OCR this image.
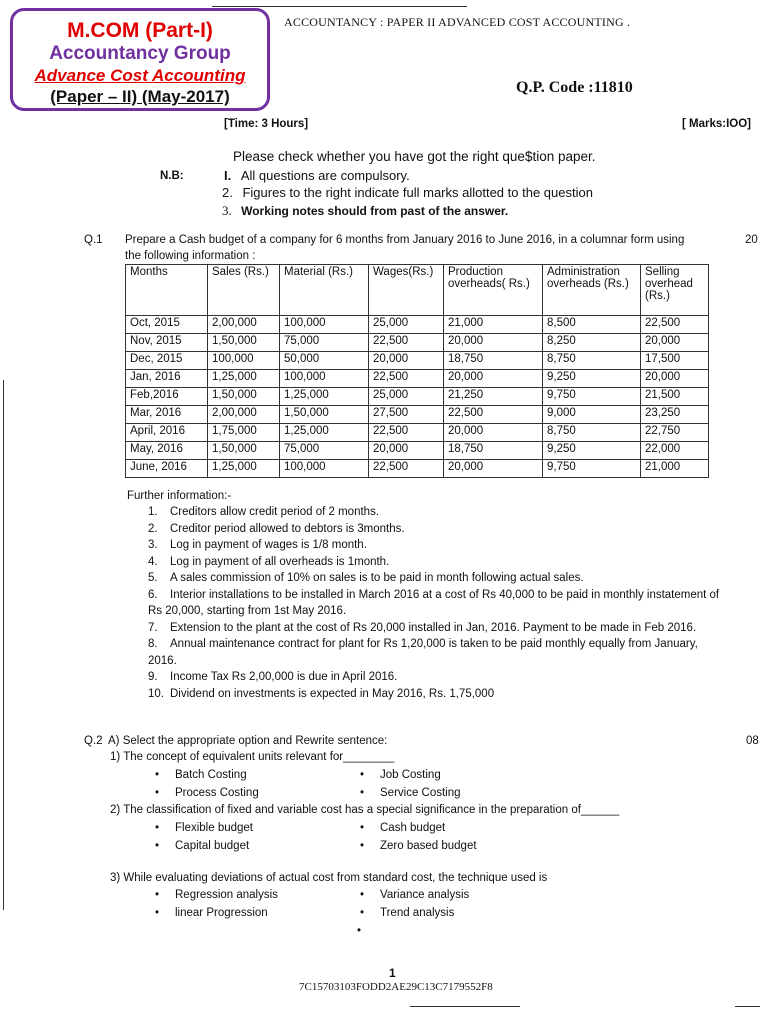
M.COM (Part-I)
Accountancy Group
Advance Cost Accounting
(Paper – II) (May-2017)
ACCOUNTANCY : PAPER II ADVANCED COST ACCOUNTING .
Q.P. Code :11810
[Time: 3 Hours]	[ Marks:IOO]
Please check whether you have got the right que$tion paper.
N.B:	I. All questions are compulsory.
2. Figures to the right indicate full marks allotted to the question
3. Working notes should from past of the answer.
Q.1 Prepare a Cash budget of a company for 6 months from January 2016 to June 2016, in a columnar form using	20
the following information :
Months	Sales (Rs.)	Material (Rs.)	Wages(Rs.)	Production overheads( Rs.)	Administration overheads (Rs.)	Selling overhead (Rs.)
Oct, 2015	2,00,000	100,000	25,000	21,000	8,500	22,500
Nov, 2015	1,50,000	75,000	22,500	20,000	8,250	20,000
Dec, 2015	100,000	50,000	20,000	18,750	8,750	17,500
Jan, 2016	1,25,000	100,000	22,500	20,000	9,250	20,000
Feb,2016	1,50,000	1,25,000	25,000	21,250	9,750	21,500
Mar, 2016	2,00,000	1,50,000	27,500	22,500	9,000	23,250
April, 2016	1,75,000	1,25,000	22,500	20,000	8,750	22,750
May, 2016	1,50,000	75,000	20,000	18,750	9,250	22,000
June, 2016	1,25,000	100,000	22,500	20,000	9,750	21,000
Further information:-
1. Creditors allow credit period of 2 months.
2. Creditor period allowed to debtors is 3months.
3. Log in payment of wages is 1/8 month.
4. Log in payment of all overheads is 1month.
5. A sales commission of 10% on sales is to be paid in month following actual sales.
6. Interior installations to be installed in March 2016 at a cost of Rs 40,000 to be paid in monthly instatement of Rs 20,000, starting from 1st May 2016.
7. Extension to the plant at the cost of Rs 20,000 installed in Jan, 2016. Payment to be made in Feb 2016.
8. Annual maintenance contract for plant for Rs 1,20,000 is taken to be paid monthly equally from January, 2016.
9. Income Tax Rs 2,00,000 is due in April 2016.
10. Dividend on investments is expected in May 2016, Rs. 1,75,000
Q.2 A) Select the appropriate option and Rewrite sentence:	08
1) The concept of equivalent units relevant for________
• Batch Costing	• Job Costing
• Process Costing	• Service Costing
2) The classification of fixed and variable cost has a special significance in the preparation of______
• Flexible budget	• Cash budget
• Capital budget	• Zero based budget
3) While evaluating deviations of actual cost from standard cost, the technique used is
• Regression analysis	• Variance analysis
• linear Progression	• Trend analysis
•
1
7C15703103FODD2AE29C13C7179552F8
